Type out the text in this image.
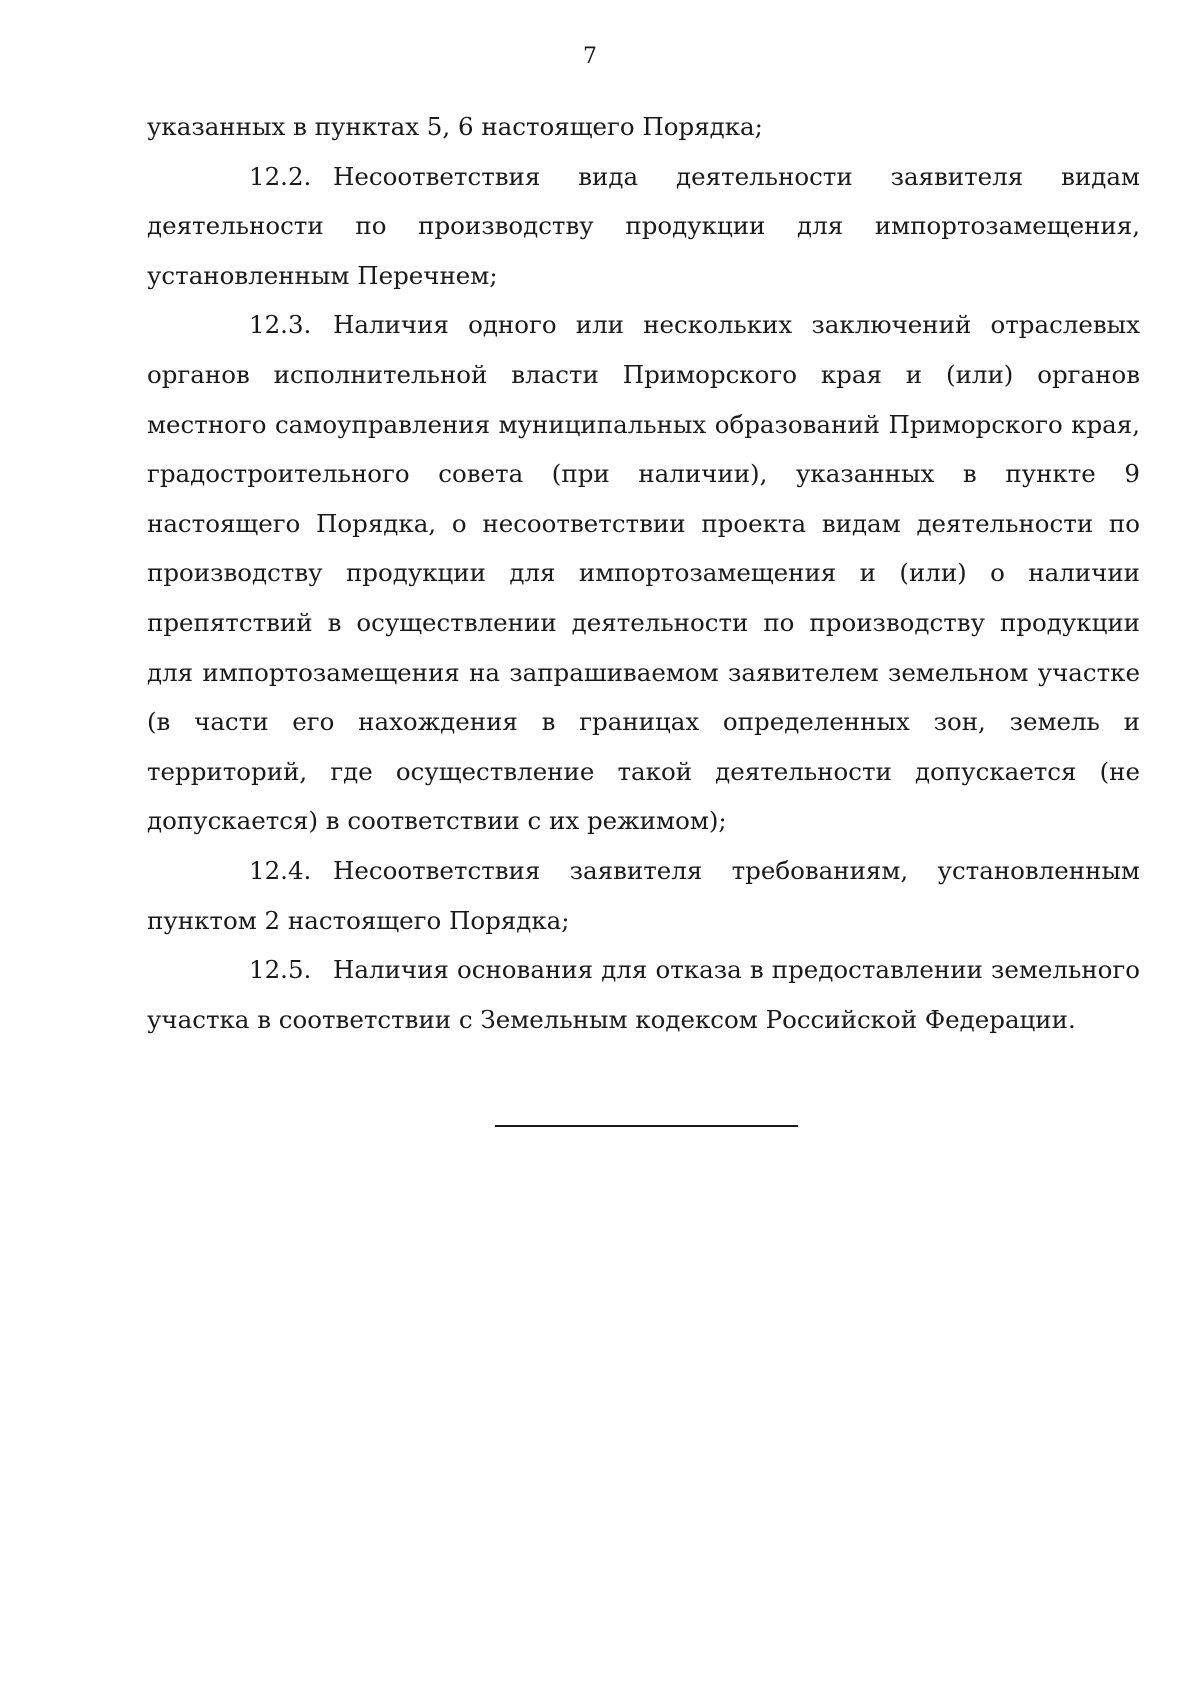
7

указанных в пунктах 5, 6 настоящего Порядка;

12.2. Несоответствия вида деятельности заявителя видам деятельности по производству продукции для импортозамещения, установленным Перечнем;

12.3. Наличия одного или нескольких заключений отраслевых органов исполнительной власти Приморского края и (или) органов местного самоуправления муниципальных образований Приморского края, градостроительного совета (при наличии), указанных в пункте 9 настоящего Порядка, о несоответствии проекта видам деятельности по производству продукции для импортозамещения и (или) о наличии препятствий в осуществлении деятельности по производству продукции для импортозамещения на запрашиваемом заявителем земельном участке (в части его нахождения в границах определенных зон, земель и территорий, где осуществление такой деятельности допускается (не допускается) в соответствии с их режимом);

12.4. Несоответствия заявителя требованиям, установленным пунктом 2 настоящего Порядка;

12.5. Наличия основания для отказа в предоставлении земельного участка в соответствии с Земельным кодексом Российской Федерации.
